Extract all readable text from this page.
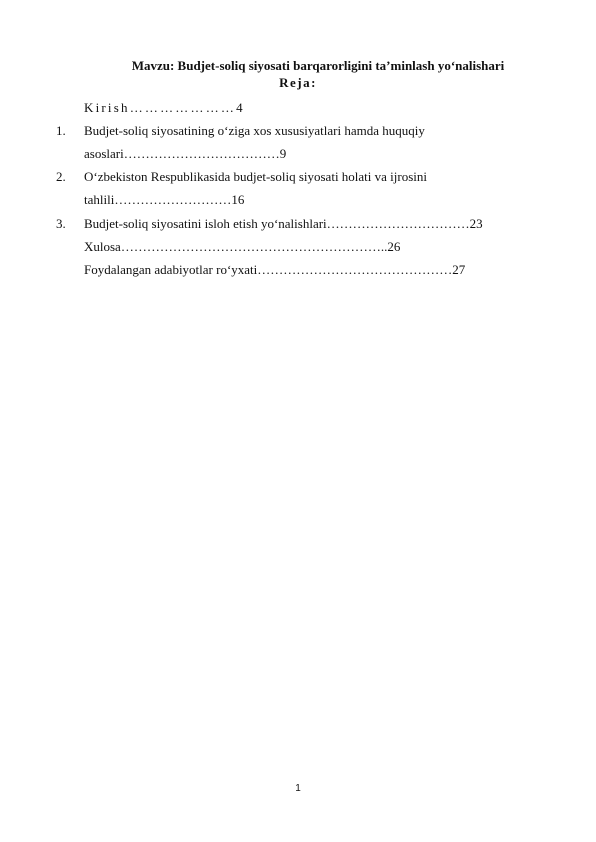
Mavzu: Budjet-soliq siyosati barqarorligini ta’minlash yo‘nalishari
Reja:
Kirish…………………4
1. Budjet-soliq siyosatining o‘ziga xos xususiyatlari hamda huquqiy
asoslari………………………………9
2. O‘zbekiston Respublikasida budjet-soliq siyosati holati va ijrosini
tahlili………………………16
3. Budjet-soliq siyosatini isloh etish yo‘nalishlari……………………………23
Xulosa……………………………………………………..26
Foydalangan adabiyotlar ro‘yxati………………………………………27
1
